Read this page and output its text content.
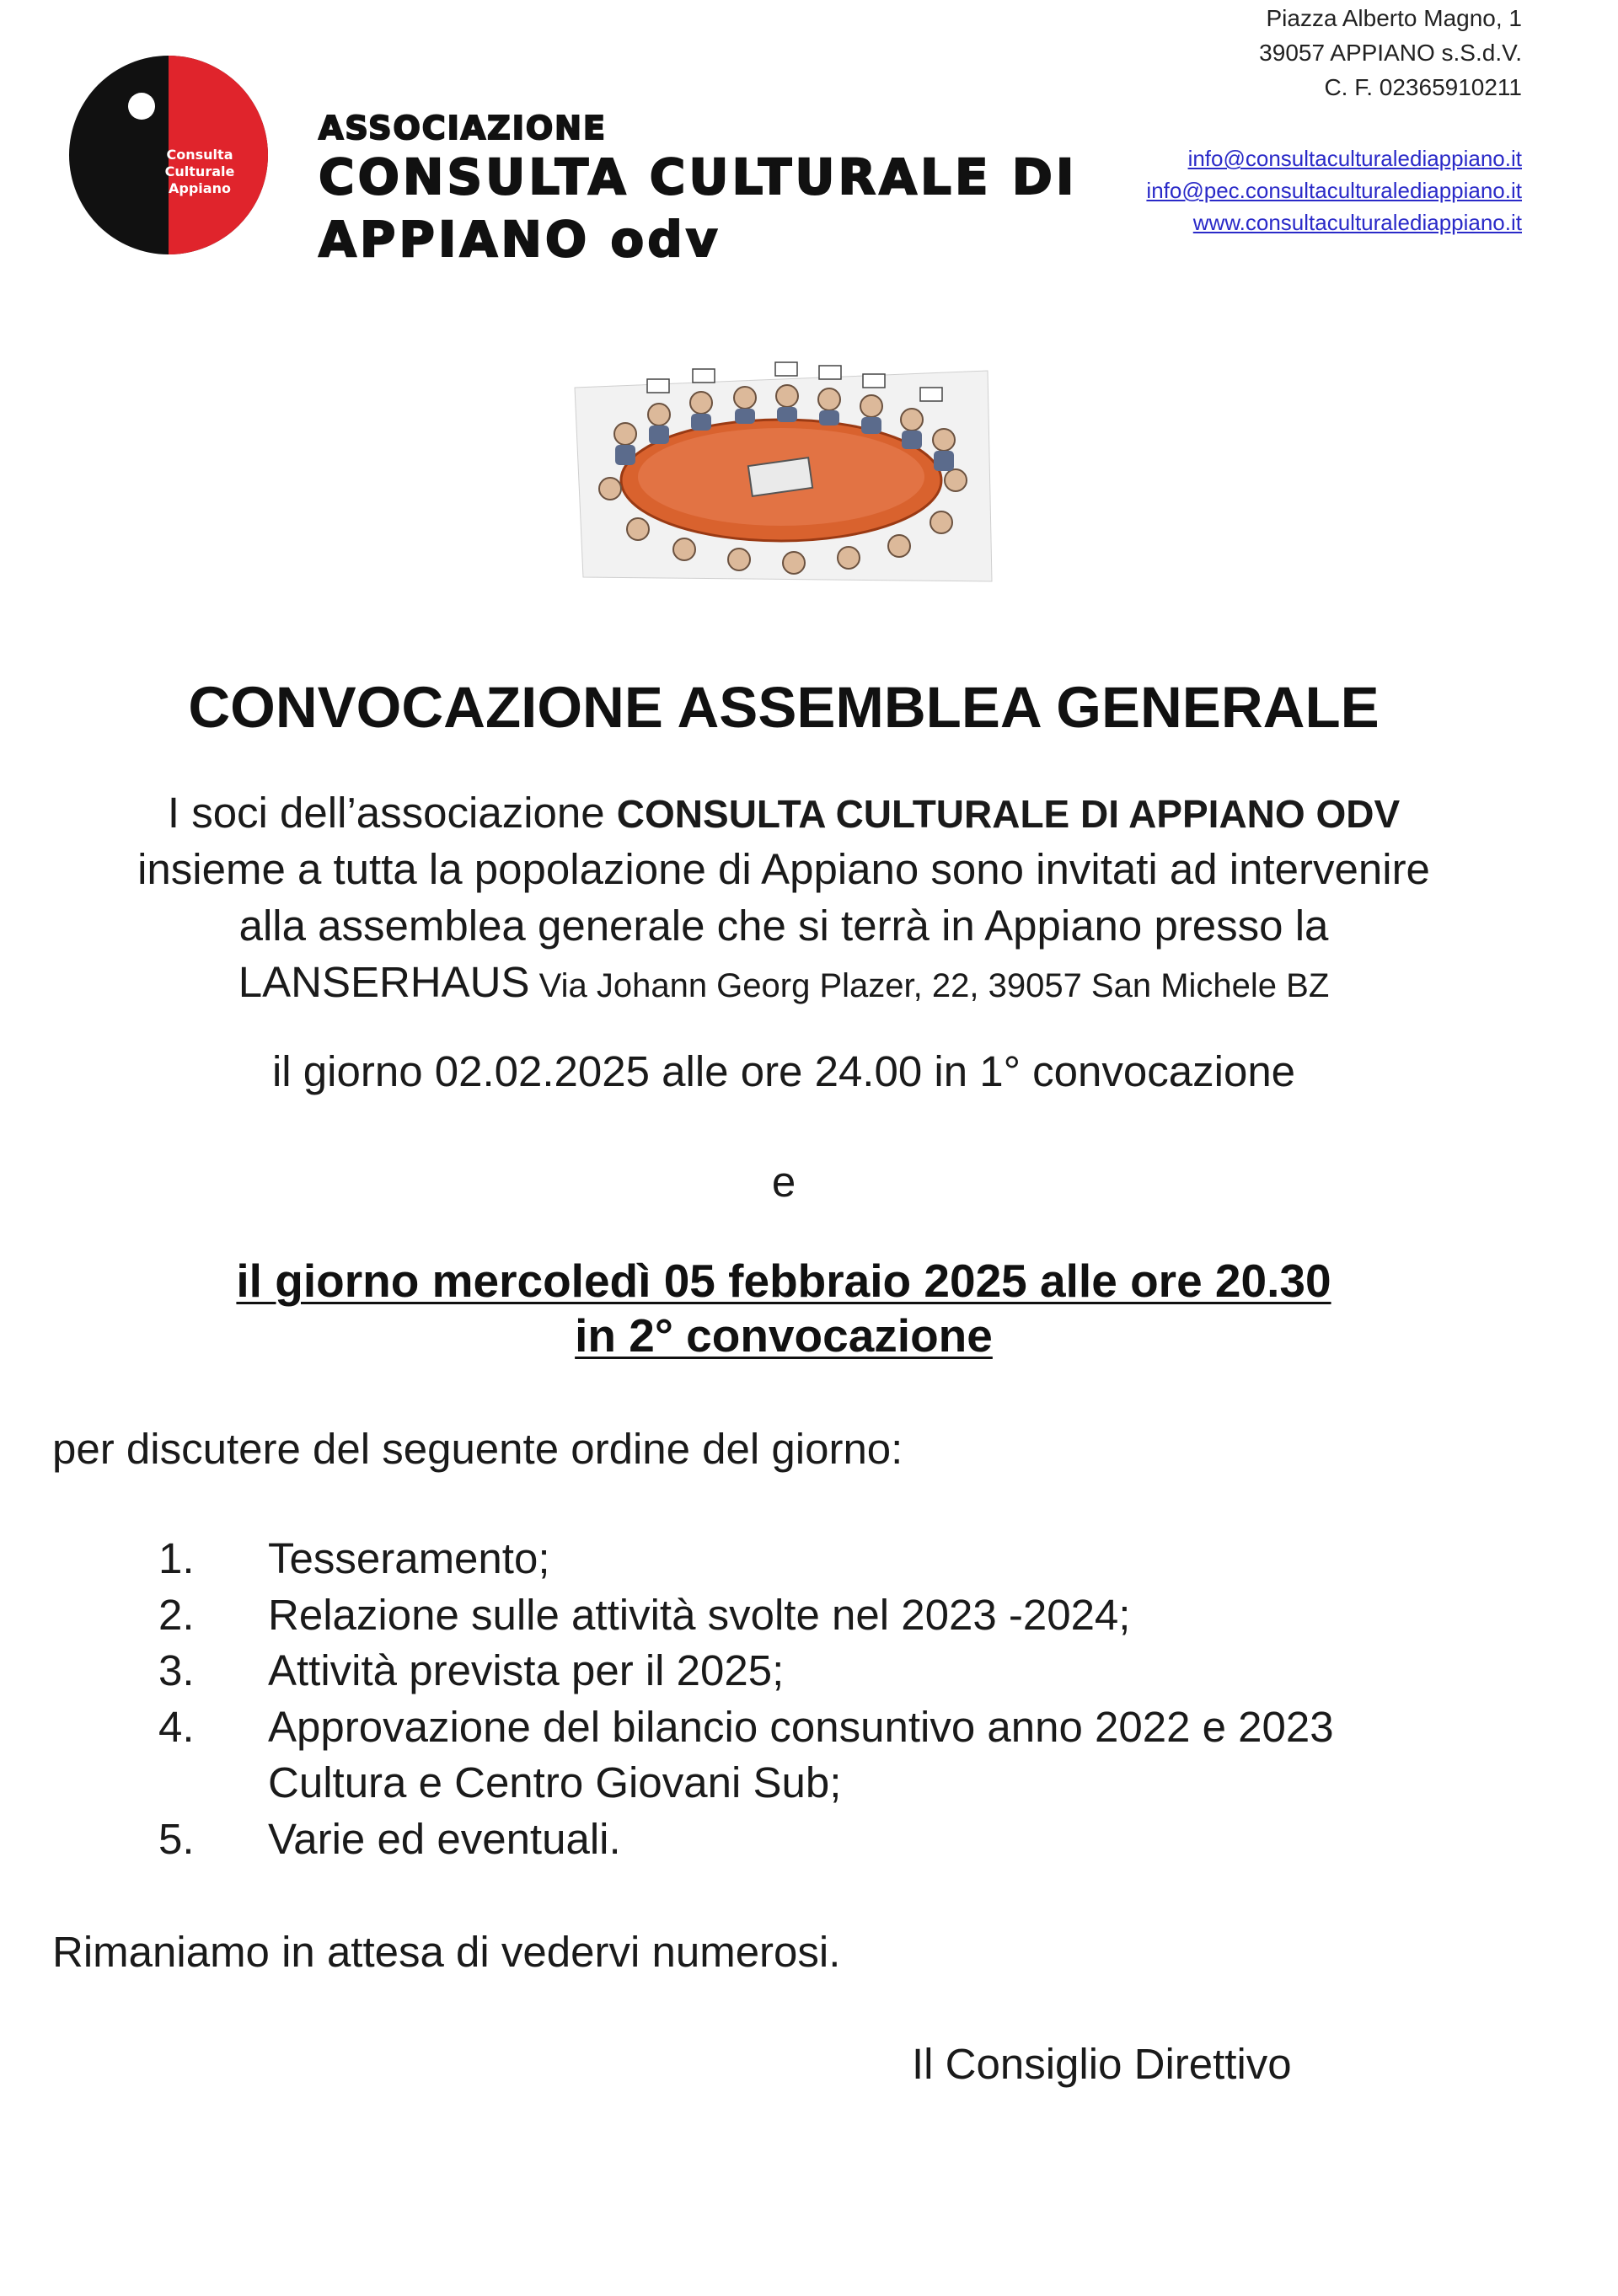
Consulta
Culturale
Appiano
ASSOCIAZIONE
CONSULTA CULTURALE DI
APPIANO odv
Piazza Alberto Magno, 1
39057 APPIANO s.S.d.V.
C. F. 02365910211
info@consultaculturalediappiano.it
info@pec.consultaculturalediappiano.it
www.consultaculturalediappiano.it
CONVOCAZIONE ASSEMBLEA GENERALE
I soci dell’associazione CONSULTA CULTURALE DI APPIANO ODV
insieme a tutta la popolazione di Appiano sono invitati ad intervenire
alla assemblea generale che si terrà in Appiano presso la
LANSERHAUS Via Johann Georg Plazer, 22, 39057 San Michele BZ
il giorno 02.02.2025 alle ore 24.00 in 1° convocazione
e
il giorno mercoledì 05 febbraio 2025 alle ore 20.30
in 2° convocazione
per discutere del seguente ordine del giorno:
1. Tesseramento;
2. Relazione sulle attività svolte nel 2023 -2024;
3. Attività prevista per il 2025;
4. Approvazione del bilancio consuntivo anno 2022 e 2023
Cultura e Centro Giovani Sub;
5. Varie ed eventuali.
Rimaniamo in attesa di vedervi numerosi.
Il Consiglio Direttivo
